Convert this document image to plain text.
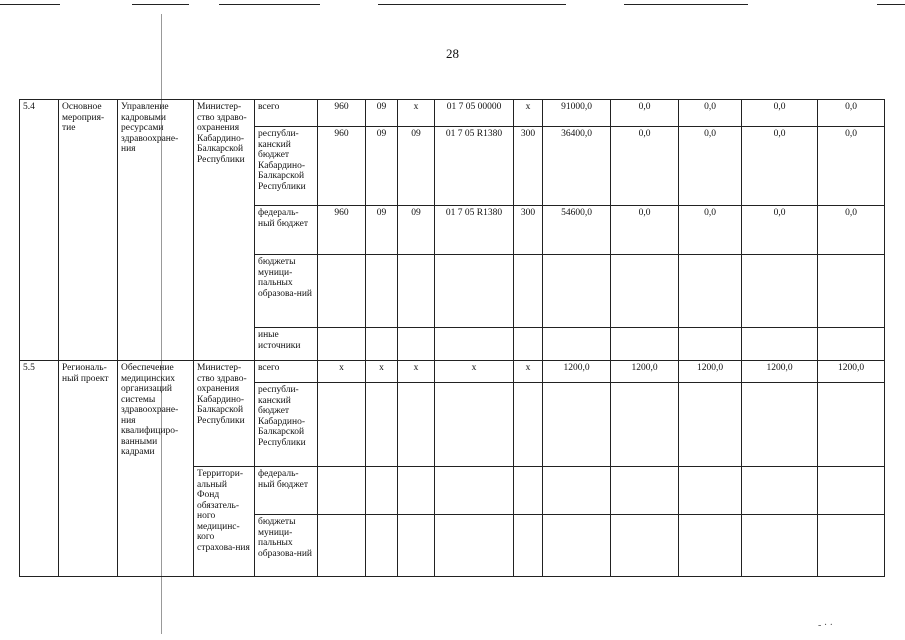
28
5.4	Основное мероприя-тие	Управление кадровыми ресурсами здравоохране-ния	Министер-ство здраво-охранения Кабардино-Балкарской Республики	всего	960	09	х	01 7 05 00000	х	91000,0	0,0	0,0	0,0	0,0
				республи-канский бюджет Кабардино-Балкарской Республики	960	09	09	01 7 05 R1380	300	36400,0	0,0	0,0	0,0	0,0
				федераль-ный бюджет	960	09	09	01 7 05 R1380	300	54600,0	0,0	0,0	0,0	0,0
				бюджеты муници-пальных образова-ний										
				иные источники										
5.5	Региональ-ный проект	Обеспечение медицинских организаций системы здравоохране-ния квалифициро-ванными кадрами	Министер-ство здраво-охранения Кабардино-Балкарской Республики	всего	х	х	х	х	х	1200,0	1200,0	1200,0	1200,0	1200,0
				республи-канский бюджет Кабардино-Балкарской Республики										
			Территори-альный Фонд обязатель-ного медицинс-кого страхова-ния	федераль-ный бюджет										
				бюджеты муници-пальных образова-ний										
‑ · ·
